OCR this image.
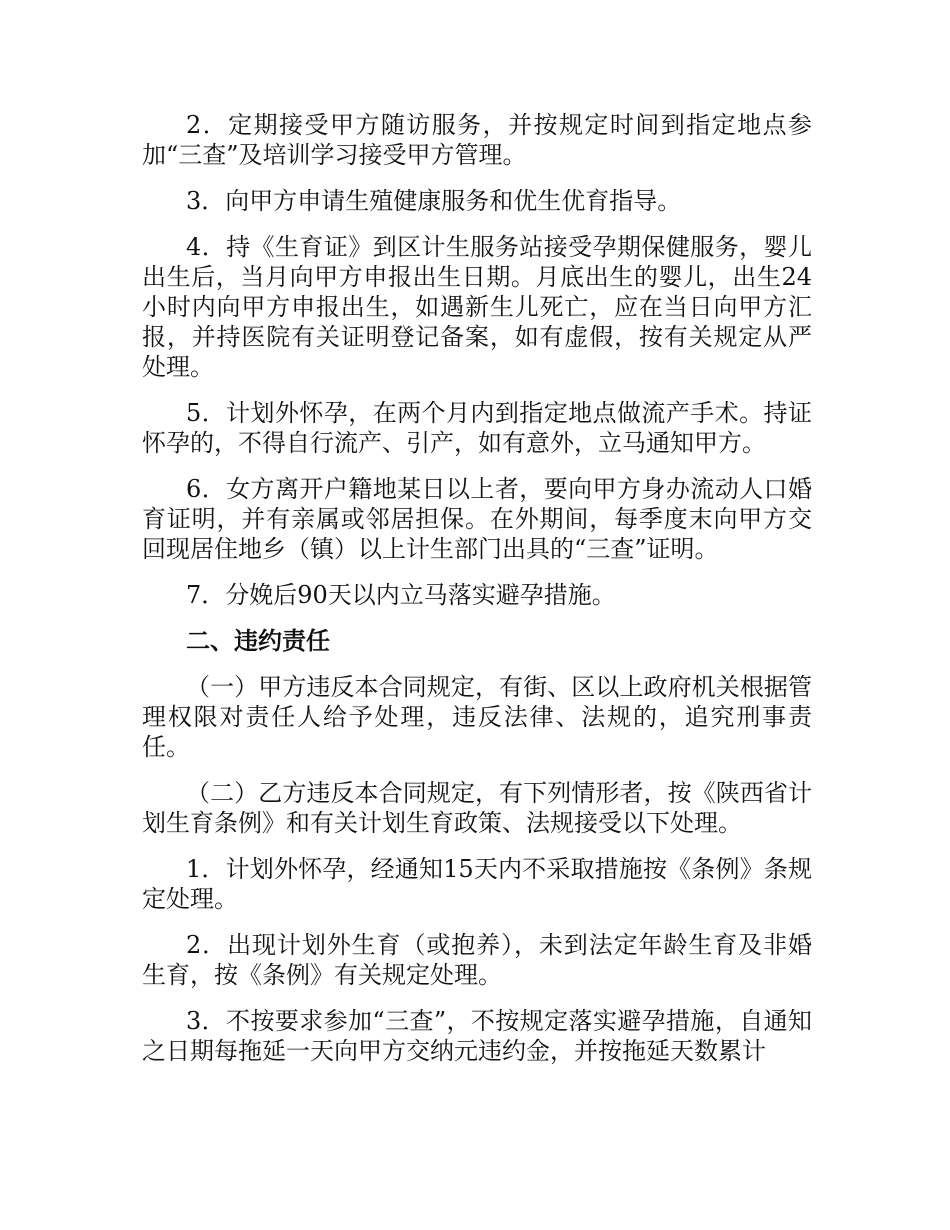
2．定期接受甲方随访服务，并按规定时间到指定地点参加“三查”及培训学习接受甲方管理。

3．向甲方申请生殖健康服务和优生优育指导。

4．持《生育证》到区计生服务站接受孕期保健服务，婴儿出生后，当月向甲方申报出生日期。月底出生的婴儿，出生24小时内向甲方申报出生，如遇新生儿死亡，应在当日向甲方汇报，并持医院有关证明登记备案，如有虚假，按有关规定从严处理。

5．计划外怀孕，在两个月内到指定地点做流产手术。持证怀孕的，不得自行流产、引产，如有意外，立马通知甲方。

6．女方离开户籍地某日以上者，要向甲方身办流动人口婚育证明，并有亲属或邻居担保。在外期间，每季度末向甲方交回现居住地乡（镇）以上计生部门出具的“三查”证明。

7．分娩后90天以内立马落实避孕措施。

二、违约责任

（一）甲方违反本合同规定，有街、区以上政府机关根据管理权限对责任人给予处理，违反法律、法规的，追究刑事责任。

（二）乙方违反本合同规定，有下列情形者，按《陕西省计划生育条例》和有关计划生育政策、法规接受以下处理。

1．计划外怀孕，经通知15天内不采取措施按《条例》条规定处理。

2．出现计划外生育（或抱养），未到法定年龄生育及非婚生育，按《条例》有关规定处理。

3．不按要求参加“三查”，不按规定落实避孕措施，自通知之日期每拖延一天向甲方交纳元违约金，并按拖延天数累计
